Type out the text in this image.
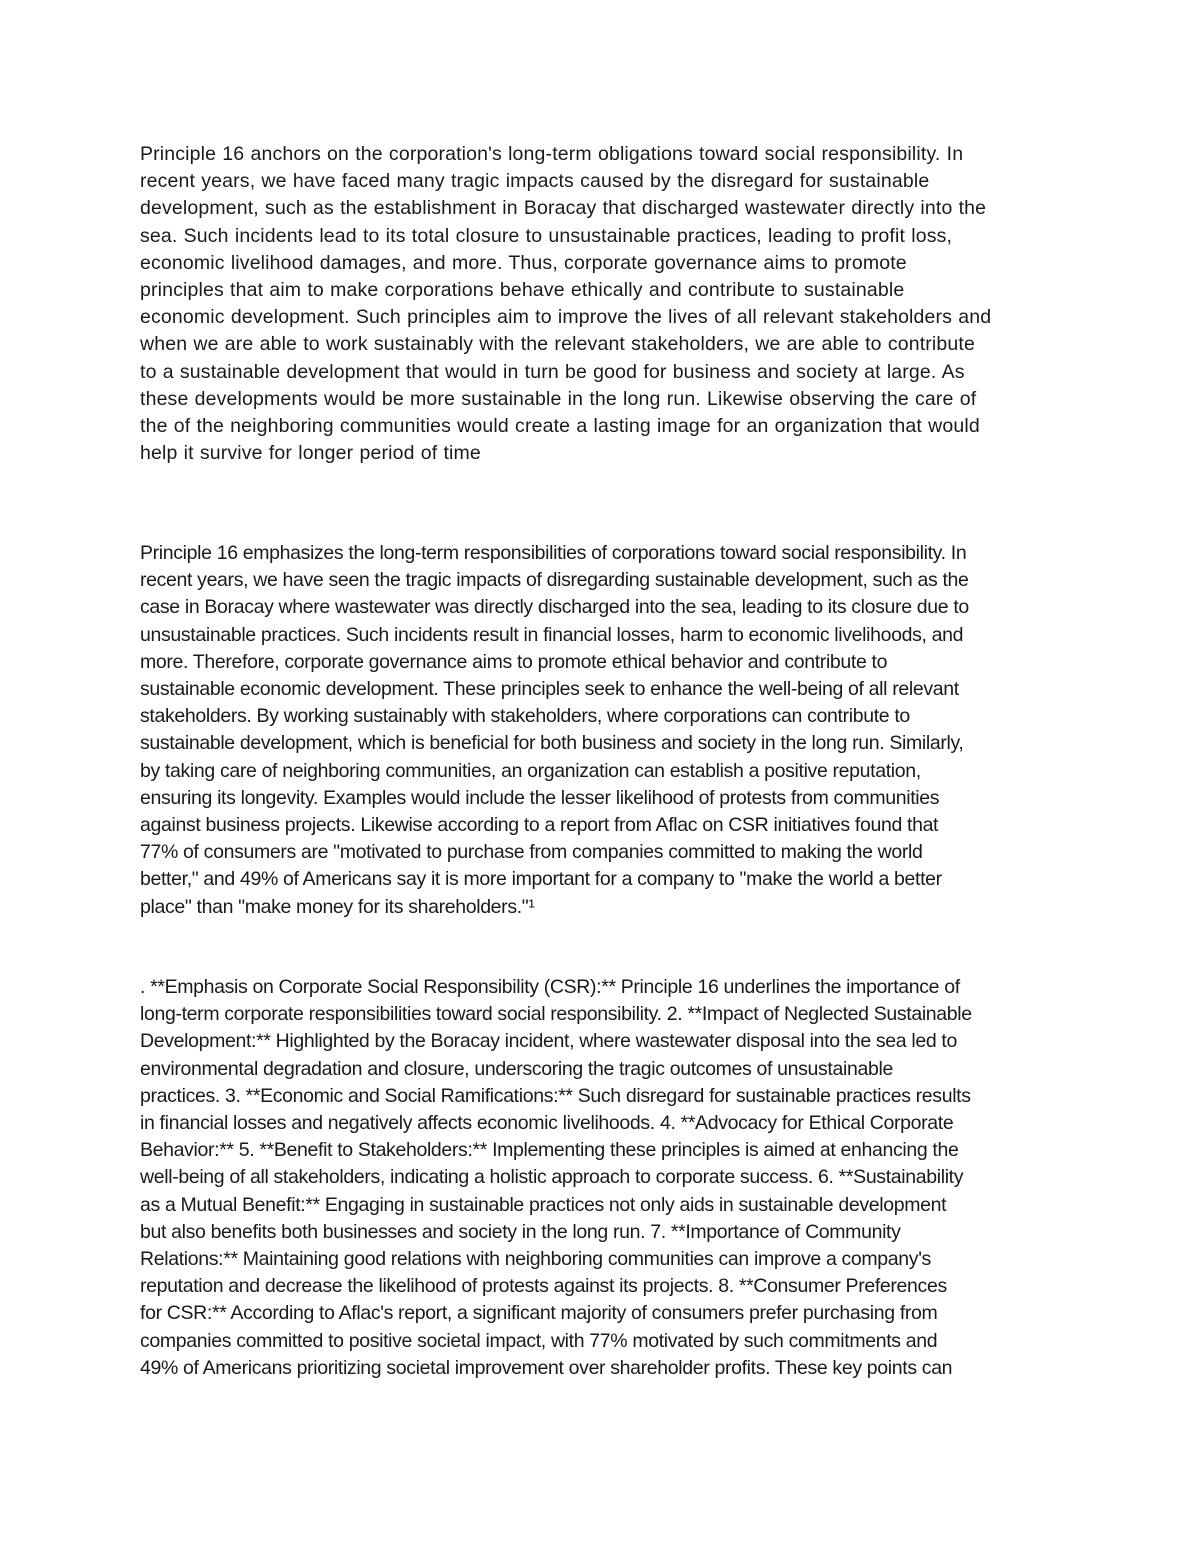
Principle 16 anchors on the corporation's long-term obligations toward social responsibility. In
recent years, we have faced many tragic impacts caused by the disregard for sustainable
development, such as the establishment in Boracay that discharged wastewater directly into the
sea. Such incidents lead to its total closure to unsustainable practices, leading to profit loss,
economic livelihood damages, and more. Thus, corporate governance aims to promote
principles that aim to make corporations behave ethically and contribute to sustainable
economic development. Such principles aim to improve the lives of all relevant stakeholders and
when we are able to work sustainably with the relevant stakeholders, we are able to contribute
to a sustainable development that would in turn be good for business and society at large. As
these developments would be more sustainable in the long run. Likewise observing the care of
the of the neighboring communities would create a lasting image for an organization that would
help it survive for longer period of time

Principle 16 emphasizes the long-term responsibilities of corporations toward social responsibility. In
recent years, we have seen the tragic impacts of disregarding sustainable development, such as the
case in Boracay where wastewater was directly discharged into the sea, leading to its closure due to
unsustainable practices. Such incidents result in financial losses, harm to economic livelihoods, and
more. Therefore, corporate governance aims to promote ethical behavior and contribute to
sustainable economic development. These principles seek to enhance the well-being of all relevant
stakeholders. By working sustainably with stakeholders, where corporations can contribute to
sustainable development, which is beneficial for both business and society in the long run. Similarly,
by taking care of neighboring communities, an organization can establish a positive reputation,
ensuring its longevity. Examples would include the lesser likelihood of protests from communities
against business projects. Likewise according to a report from Aflac on CSR initiatives found that
77% of consumers are "motivated to purchase from companies committed to making the world
better," and 49% of Americans say it is more important for a company to "make the world a better
place" than "make money for its shareholders."¹

. **Emphasis on Corporate Social Responsibility (CSR):** Principle 16 underlines the importance of
long-term corporate responsibilities toward social responsibility. 2. **Impact of Neglected Sustainable
Development:** Highlighted by the Boracay incident, where wastewater disposal into the sea led to
environmental degradation and closure, underscoring the tragic outcomes of unsustainable
practices. 3. **Economic and Social Ramifications:** Such disregard for sustainable practices results
in financial losses and negatively affects economic livelihoods. 4. **Advocacy for Ethical Corporate
Behavior:** 5. **Benefit to Stakeholders:** Implementing these principles is aimed at enhancing the
well-being of all stakeholders, indicating a holistic approach to corporate success. 6. **Sustainability
as a Mutual Benefit:** Engaging in sustainable practices not only aids in sustainable development
but also benefits both businesses and society in the long run. 7. **Importance of Community
Relations:** Maintaining good relations with neighboring communities can improve a company's
reputation and decrease the likelihood of protests against its projects. 8. **Consumer Preferences
for CSR:** According to Aflac's report, a significant majority of consumers prefer purchasing from
companies committed to positive societal impact, with 77% motivated by such commitments and
49% of Americans prioritizing societal improvement over shareholder profits. These key points can
